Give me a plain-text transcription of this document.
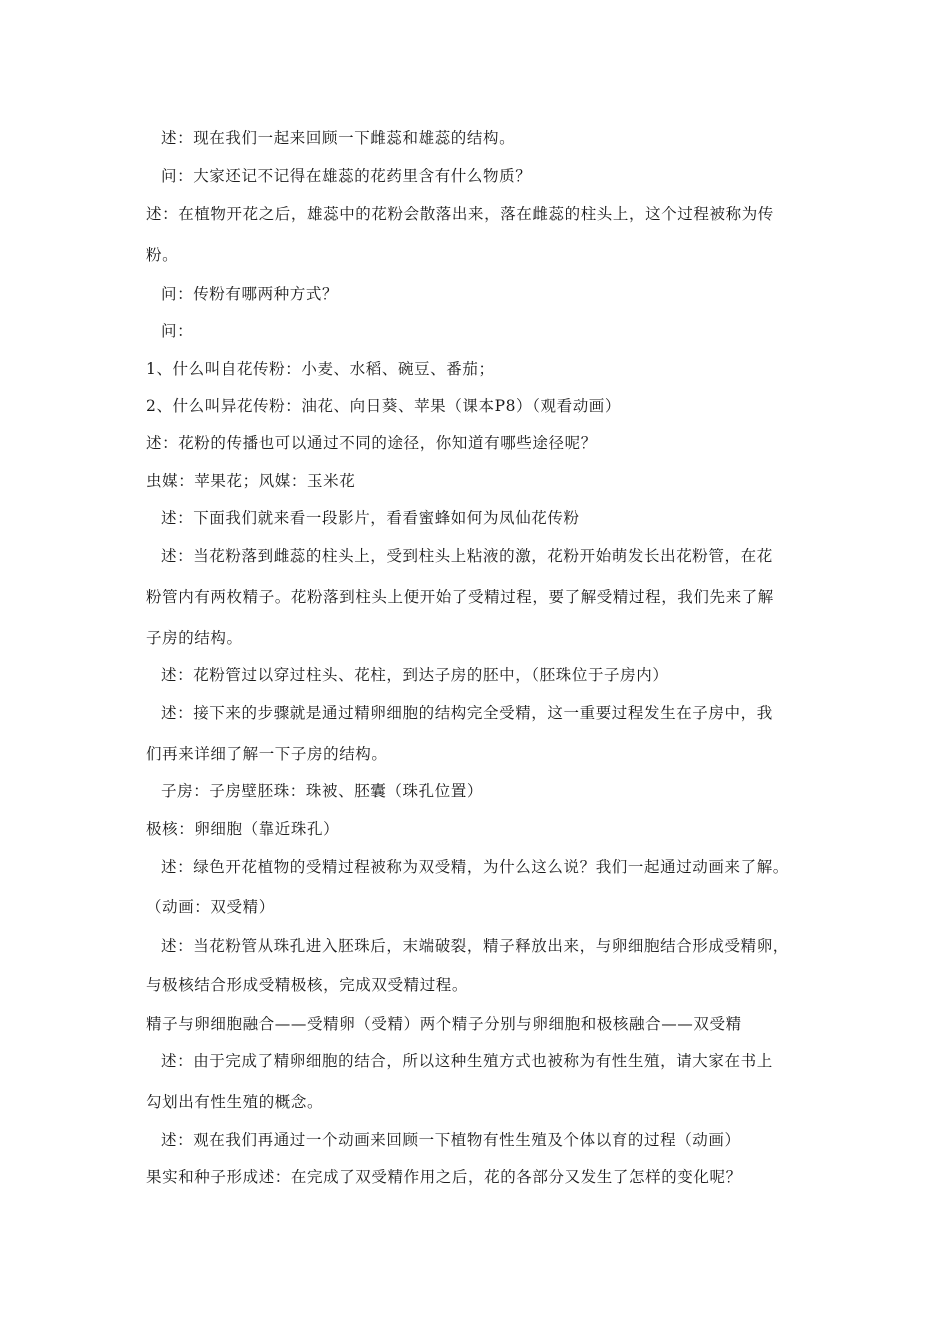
述：现在我们一起来回顾一下雌蕊和雄蕊的结构。
问：大家还记不记得在雄蕊的花药里含有什么物质？
述：在植物开花之后，雄蕊中的花粉会散落出来，落在雌蕊的柱头上，这个过程被称为传
粉。
问：传粉有哪两种方式？
问：
1、什么叫自花传粉：小麦、水稻、碗豆、番茄；
2、什么叫异花传粉：油花、向日葵、苹果（课本P8）（观看动画）
述：花粉的传播也可以通过不同的途径，你知道有哪些途径呢？
虫媒：苹果花；风媒：玉米花
述：下面我们就来看一段影片，看看蜜蜂如何为凤仙花传粉
述：当花粉落到雌蕊的柱头上，受到柱头上粘液的激，花粉开始萌发长出花粉管，在花
粉管内有两枚精子。花粉落到柱头上便开始了受精过程，要了解受精过程，我们先来了解
子房的结构。
述：花粉管过以穿过柱头、花柱，到达子房的胚中，（胚珠位于子房内）
述：接下来的步骤就是通过精卵细胞的结构完全受精，这一重要过程发生在子房中，我
们再来详细了解一下子房的结构。
子房：子房壁胚珠：珠被、胚囊（珠孔位置）
极核：卵细胞（靠近珠孔）
述：绿色开花植物的受精过程被称为双受精，为什么这么说？我们一起通过动画来了解。
（动画：双受精）
述：当花粉管从珠孔进入胚珠后，末端破裂，精子释放出来，与卵细胞结合形成受精卵，
与极核结合形成受精极核，完成双受精过程。
精子与卵细胞融合——受精卵（受精）两个精子分别与卵细胞和极核融合——双受精
述：由于完成了精卵细胞的结合，所以这种生殖方式也被称为有性生殖，请大家在书上
勾划出有性生殖的概念。
述：观在我们再通过一个动画来回顾一下植物有性生殖及个体以育的过程（动画）
果实和种子形成述：在完成了双受精作用之后，花的各部分又发生了怎样的变化呢？
